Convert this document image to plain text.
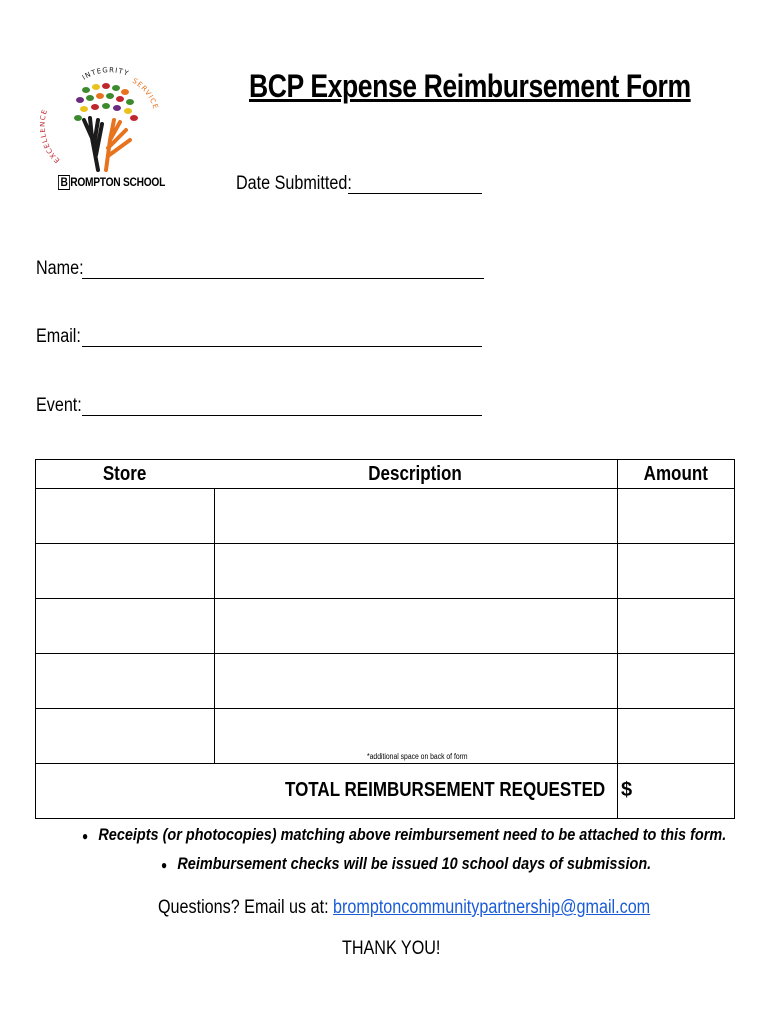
EXCELL E
INTEGRITY
SERVICE
B ROMPTON SCHOOL
BCP Expense Reimbursement Form
Date Submitted:
Name:
Email:
Event:
Store	Description	Amount
*additional space on back of form
TOTAL REIMBURSEMENT REQUESTED $
● Receipts (or photocopies) matching above reimbursement need to be attached to this form.
● Reimbursement checks will be issued 10 school days of submission.
Questions? Email us at: bromptoncommunitypartnership@gmail.com
THANK YOU!
